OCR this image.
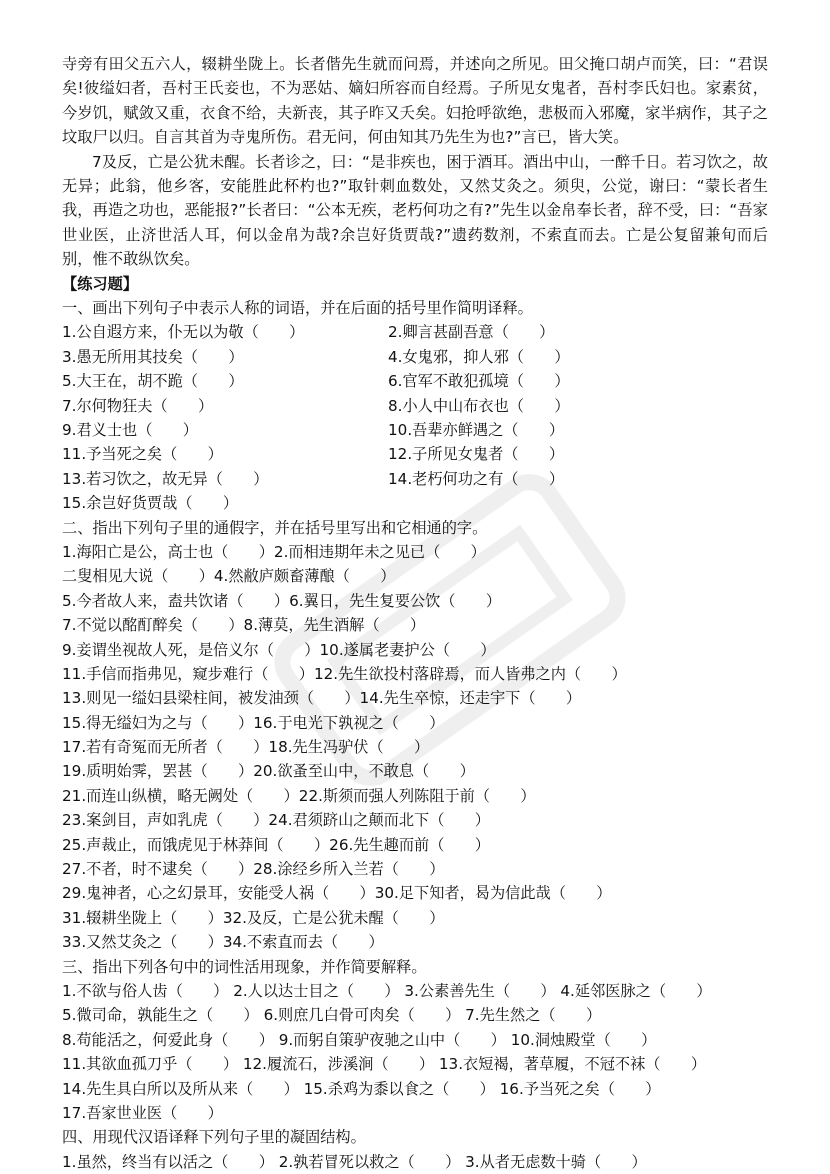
寺旁有田父五六人，辍耕坐陇上。长者偕先生就而问焉，并述向之所见。田父掩口胡卢而笑，曰：“君误矣!彼缢妇者，吾村王氏妾也，不为恶姑、嫡妇所容而自经焉。子所见女鬼者，吾村李氏妇也。家素贫，今岁饥，赋敛又重，衣食不给，夫新丧，其子昨又夭矣。妇抢呼欲绝，悲极而入邪魔，家半病作，其子之坟取尸以归。自言其首为寺鬼所伤。君无问，何由知其乃先生为也?”言已，皆大笑。

7及反，亡是公犹未醒。长者诊之，曰：“是非疾也，困于酒耳。酒出中山，一醉千日。若习饮之，故无异；此翁，他乡客，安能胜此杯杓也?”取针刺血数处，又然艾灸之。须臾，公觉，谢曰：“蒙长者生我，再造之功也，恶能报?”长者曰：“公本无疾，老朽何功之有?”先生以金帛奉长者，辞不受，曰：“吾家世业医，止济世活人耳，何以金帛为哉?余岂好货贾哉?”遗药数剂，不索直而去。亡是公复留兼旬而后别，惟不敢纵饮矣。

【练习题】
一、画出下列句子中表示人称的词语，并在后面的括号里作简明译释。
1.公自遐方来，仆无以为敬（　　）	2.卿言甚副吾意（　　）
3.愚无所用其技矣（　　）	4.女鬼邪，抑人邪（　　）
5.大王在，胡不跪（　　）	6.官军不敢犯孤境（　　）
7.尔何物狂夫（　　）	8.小人中山布衣也（　　）
9.君义士也（　　）	10.吾辈亦鲜遇之（　　）
11.予当死之矣（　　）	12.子所见女鬼者（　　）
13.若习饮之，故无异（　　）	14.老朽何功之有（　　）
15.余岂好货贾哉（　　）
二、指出下列句子里的通假字，并在括号里写出和它相通的字。
1.海阳亡是公，高士也（　　）2.而相违期年未之见已（　　）
二叟相见大说（　　）4.然敝庐颇畜薄酿（　　）
5.今者故人来，盍共饮诸（　　）6.翼日，先生复要公饮（　　）
7.不觉以酩酊醉矣（　　）8.薄莫，先生酒解（　　）
9.妾谓坐视故人死，是倍义尔（　　）10.遂属老妻护公（　　）
11.手信而指弗见，窥步难行（　　）12.先生欲投村落辟焉，而人皆弗之内（　　）
13.则见一缢妇县梁柱间，被发油颈（　　）14.先生卒惊，还走宇下（　　）
15.得无缢妇为之与（　　）16.于电光下孰视之（　　）
17.若有奇冤而无所者（　　）18.先生冯驴伏（　　）
19.质明始霁，罢甚（　　）20.欲蚤至山中，不敢息（　　）
21.而连山纵横，略无阙处（　　）22.斯须而强人列陈阻于前（　　）
23.案剑目，声如乳虎（　　）24.君须跻山之颠而北下（　　）
25.声裁止，而饿虎见于林莽间（　　）26.先生趣而前（　　）
27.不者，时不逮矣（　　）28.涂经乡所入兰若（　　）
29.鬼神者，心之幻景耳，安能受人祸（　　）30.足下知者，曷为信此哉（　　）
31.辍耕坐陇上（　　）32.及反，亡是公犹未醒（　　）
33.又然艾灸之（　　）34.不索直而去（　　）
三、指出下列各句中的词性活用现象，并作简要解释。
1.不欲与俗人齿（　　） 2.人以达士目之（　　） 3.公素善先生（　　） 4.延邻医脉之（　　）
5.微司命，孰能生之（　　） 6.则庶几白骨可肉矣（　　） 7.先生然之（　　）
8.苟能活之，何爱此身（　　） 9.而躬自策驴夜驰之山中（　　） 10.洞烛殿堂（　　）
11.其欲血孤刀乎（　　） 12.履流石，涉溪涧（　　） 13.衣短褐，著草履，不冠不袜（　　）
14.先生具白所以及所从来（　　） 15.杀鸡为黍以食之（　　） 16.予当死之矣（　　）
17.吾家世业医（　　）
四、用现代汉语译释下列句子里的凝固结构。
1.虽然，终当有以活之（　　） 2.孰若冒死以救之（　　） 3.从者无虑数十骑（　　）
